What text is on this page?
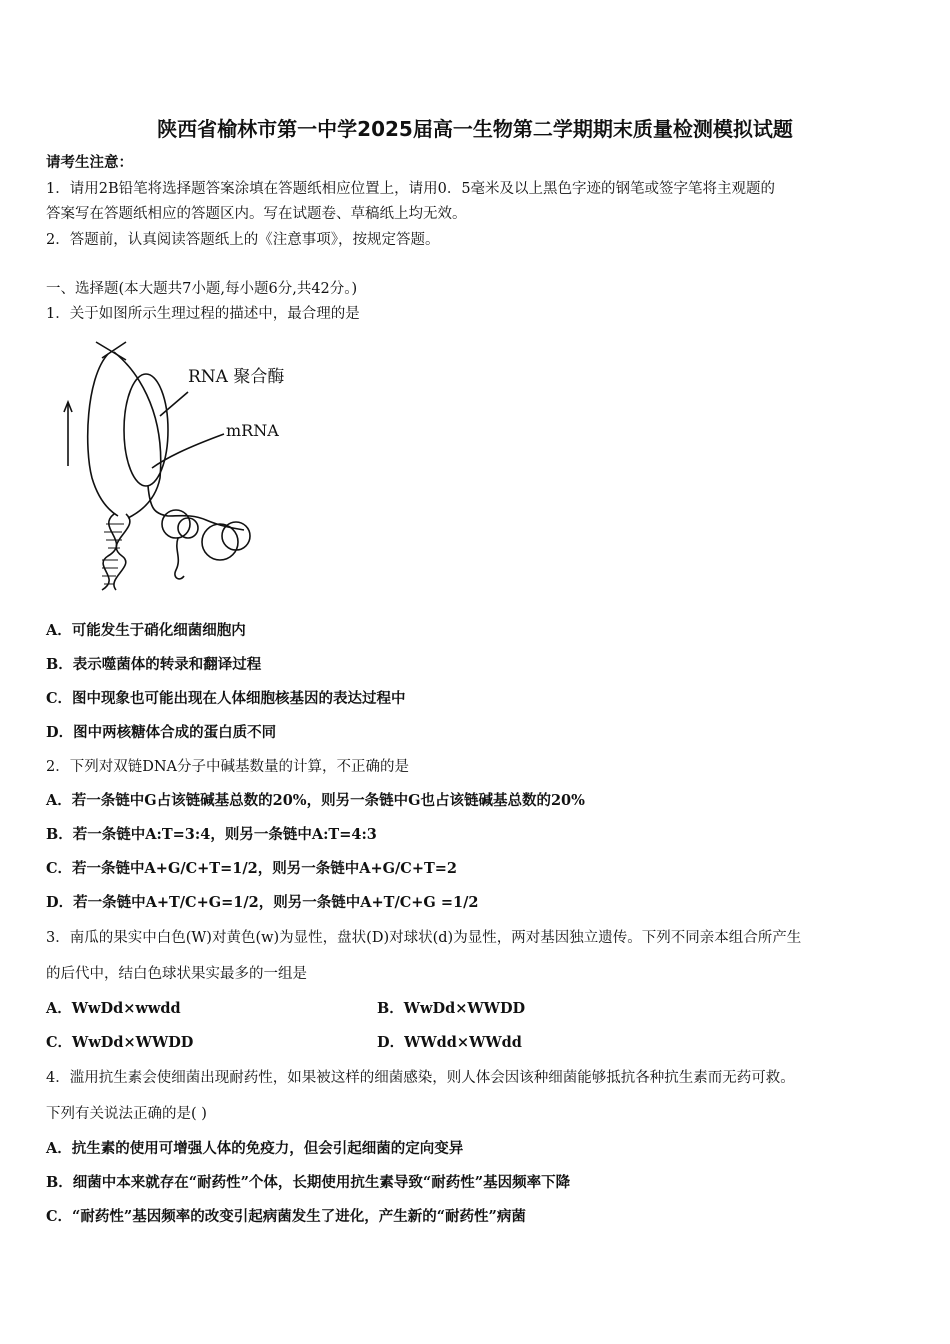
陕西省榆林市第一中学2025届高一生物第二学期期末质量检测模拟试题
请考生注意：
1．请用2B铅笔将选择题答案涂填在答题纸相应位置上，请用0．5毫米及以上黑色字迹的钢笔或签字笔将主观题的
答案写在答题纸相应的答题区内。写在试题卷、草稿纸上均无效。
2．答题前，认真阅读答题纸上的《注意事项》，按规定答题。
一、选择题(本大题共7小题,每小题6分,共42分。)
1．关于如图所示生理过程的描述中，最合理的是
RNA 聚合酶
mRNA
A．可能发生于硝化细菌细胞内
B．表示噬菌体的转录和翻译过程
C．图中现象也可能出现在人体细胞核基因的表达过程中
D．图中两核糖体合成的蛋白质不同
2．下列对双链DNA分子中碱基数量的计算，不正确的是
A．若一条链中G占该链碱基总数的20%，则另一条链中G也占该链碱基总数的20%
B．若一条链中A:T=3:4，则另一条链中A:T=4:3
C．若一条链中A+G/C+T=1/2，则另一条链中A+G/C+T=2
D．若一条链中A+T/C+G=1/2，则另一条链中A+T/C+G =1/2
3．南瓜的果实中白色(W)对黄色(w)为显性，盘状(D)对球状(d)为显性，两对基因独立遗传。下列不同亲本组合所产生
的后代中，结白色球状果实最多的一组是
A．WwDd×wwdd	B．WwDd×WWDD
C．WwDd×WWDD	D．WWdd×WWdd
4．滥用抗生素会使细菌出现耐药性，如果被这样的细菌感染，则人体会因该种细菌能够抵抗各种抗生素而无药可救。
下列有关说法正确的是( )
A．抗生素的使用可增强人体的免疫力，但会引起细菌的定向变异
B．细菌中本来就存在“耐药性”个体，长期使用抗生素导致“耐药性”基因频率下降
C．“耐药性”基因频率的改变引起病菌发生了进化，产生新的“耐药性”病菌
